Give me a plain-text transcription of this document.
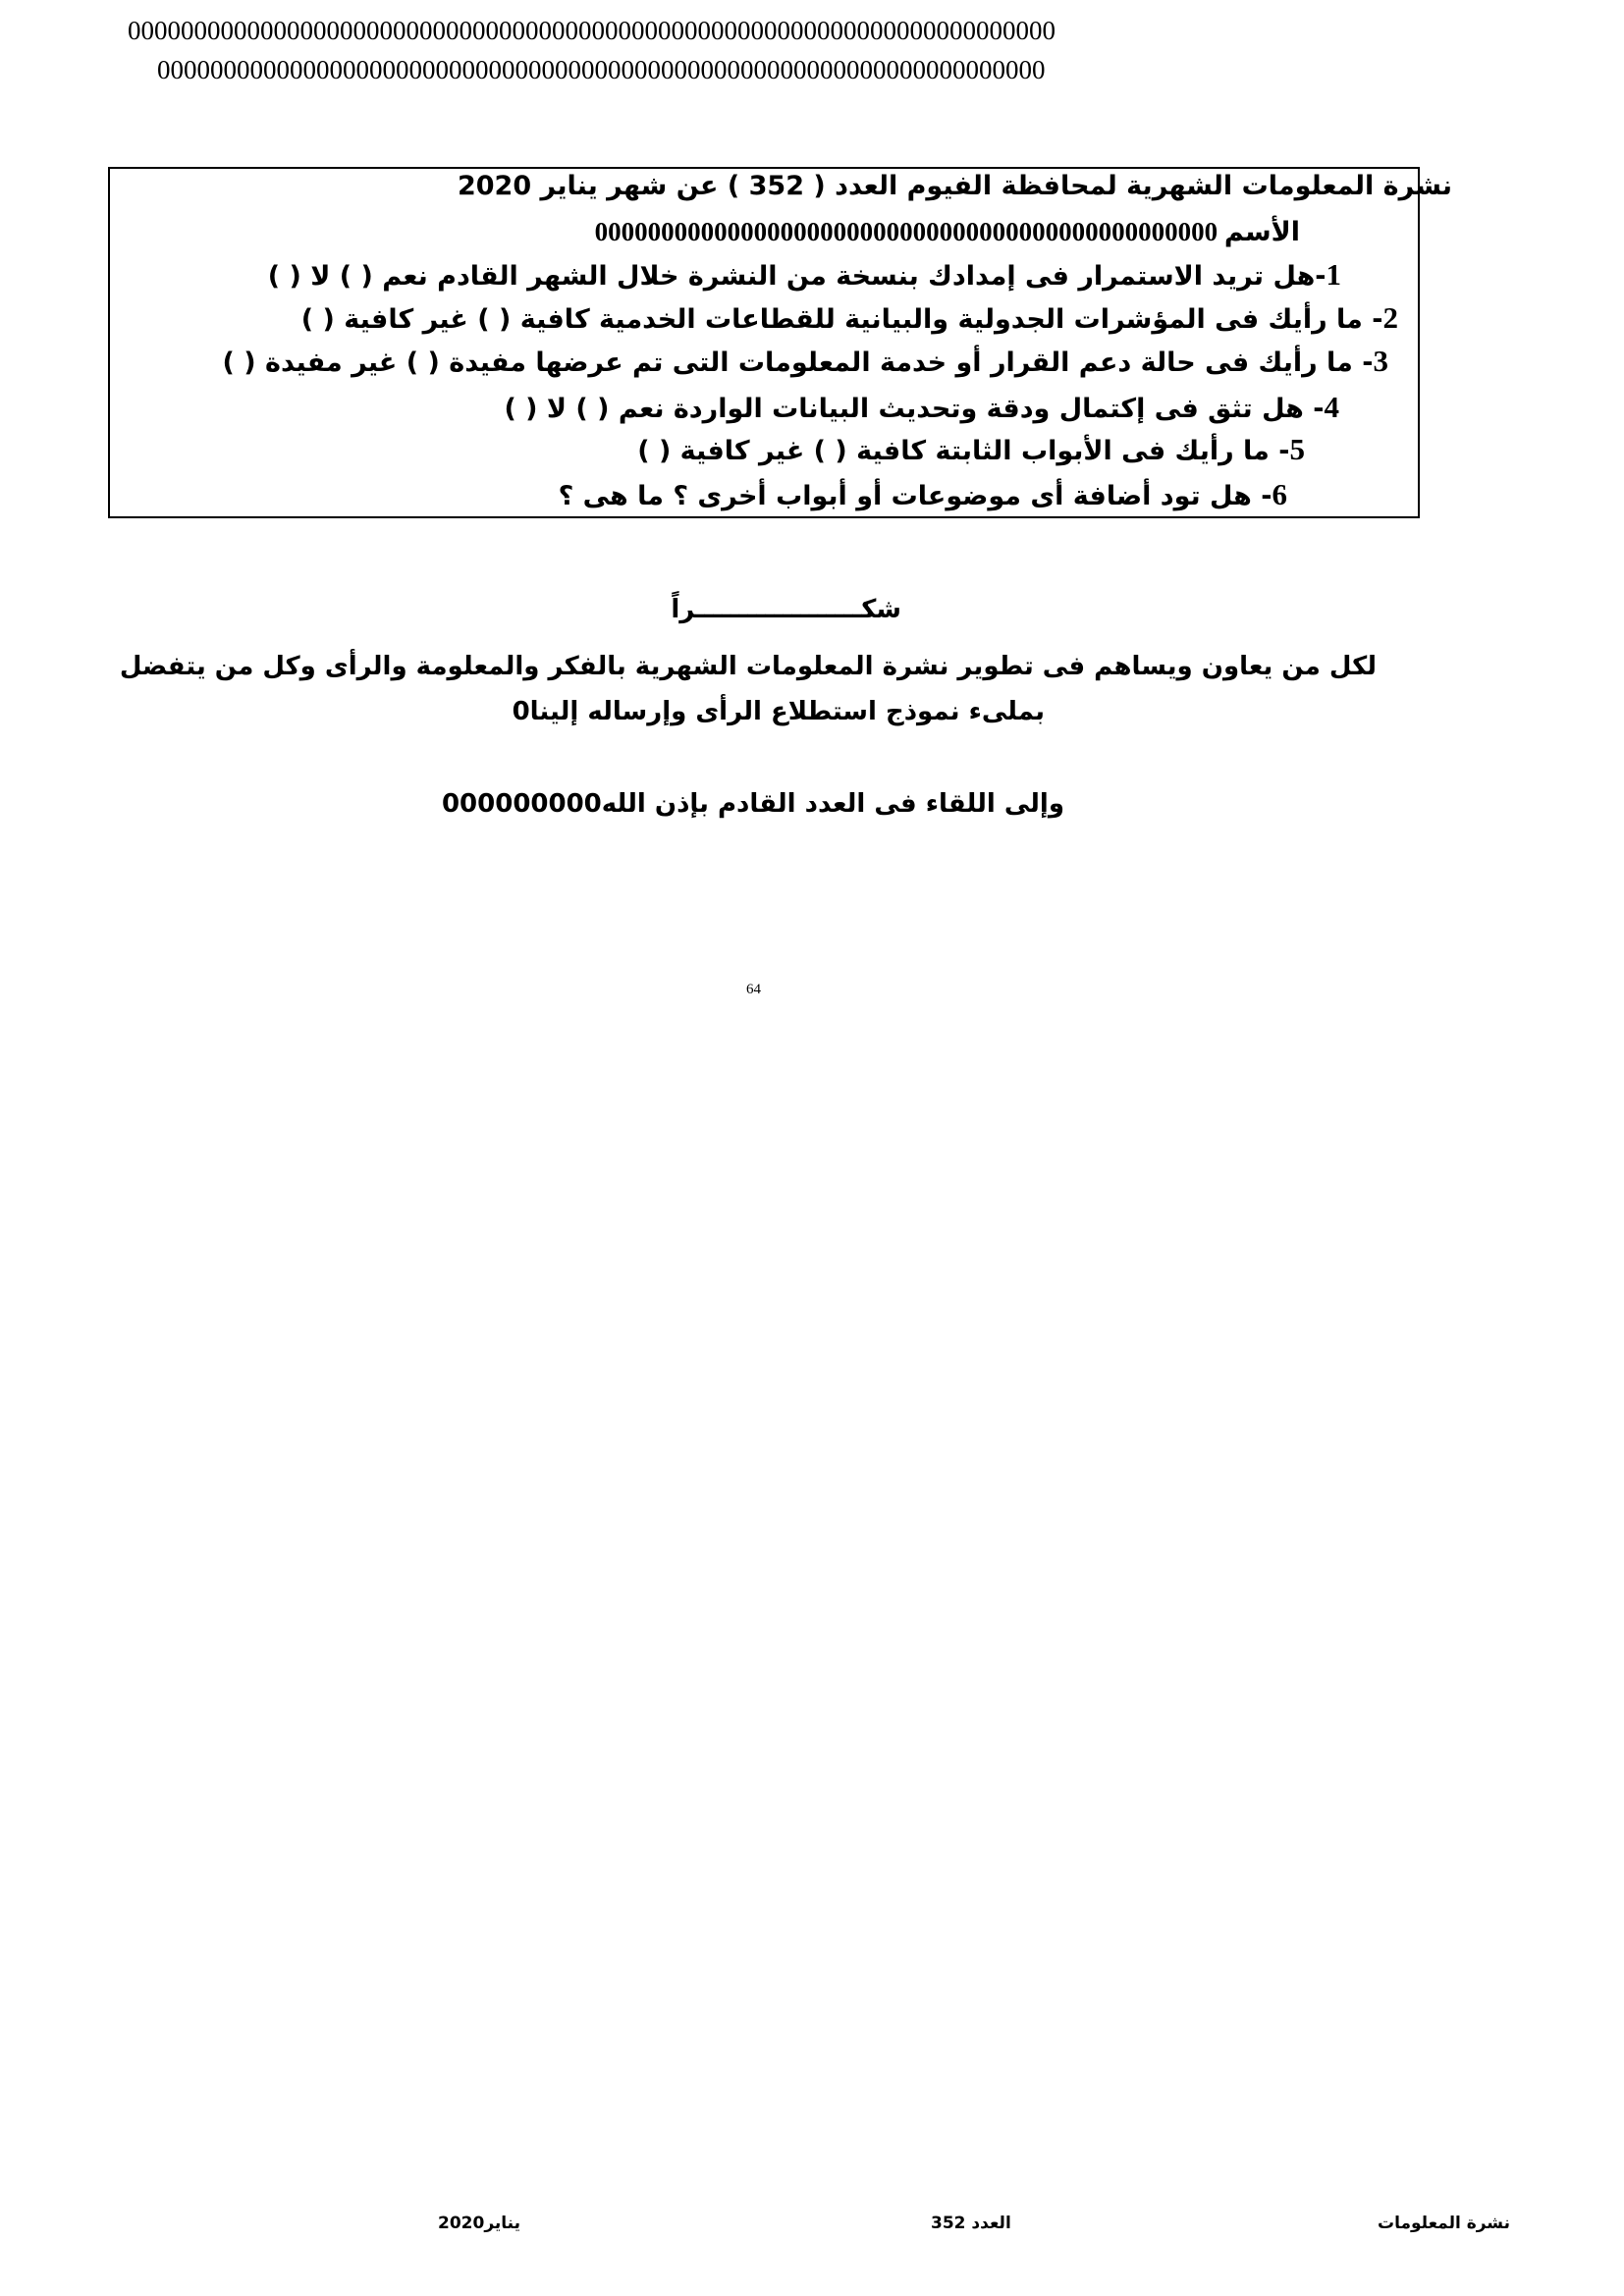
0000000000000000000000000000000000000000000000000000000000000000000000
0000000000000000000000000000000000000000000000000000000000000000000
نشرة المعلومات الشهرية لمحافظة الفيوم العدد ( 352 ) عن شهر يناير 2020
الأسم 00000000000000000000000000000000000000000000000
1-هل تريد الاستمرار فى إمدادك بنسخة من النشرة خلال الشهر القادم نعم ( ) لا ( )
2- ما رأيك فى المؤشرات الجدولية والبيانية للقطاعات الخدمية كافية ( ) غير كافية ( )
3- ما رأيك فى حالة دعم القرار أو خدمة المعلومات التى تم عرضها مفيدة ( ) غير مفيدة ( )
4- هل تثق فى إكتمال ودقة وتحديث البيانات الواردة نعم ( ) لا ( )
5- ما رأيك فى الأبواب الثابتة كافية ( ) غير كافية ( )
6- هل تود أضافة أى موضوعات أو أبواب أخرى ؟ ما هى ؟
شكـــــــــــــــــــراً
لكل من يعاون ويساهم فى تطوير نشرة المعلومات الشهرية بالفكر والمعلومة والرأى وكل من يتفضل
بملىء نموذج استطلاع الرأى وإرساله إلينا0
وإلى اللقاء فى العدد القادم بإذن الله000000000
64
نشرة المعلومات
العدد 352
يناير2020
